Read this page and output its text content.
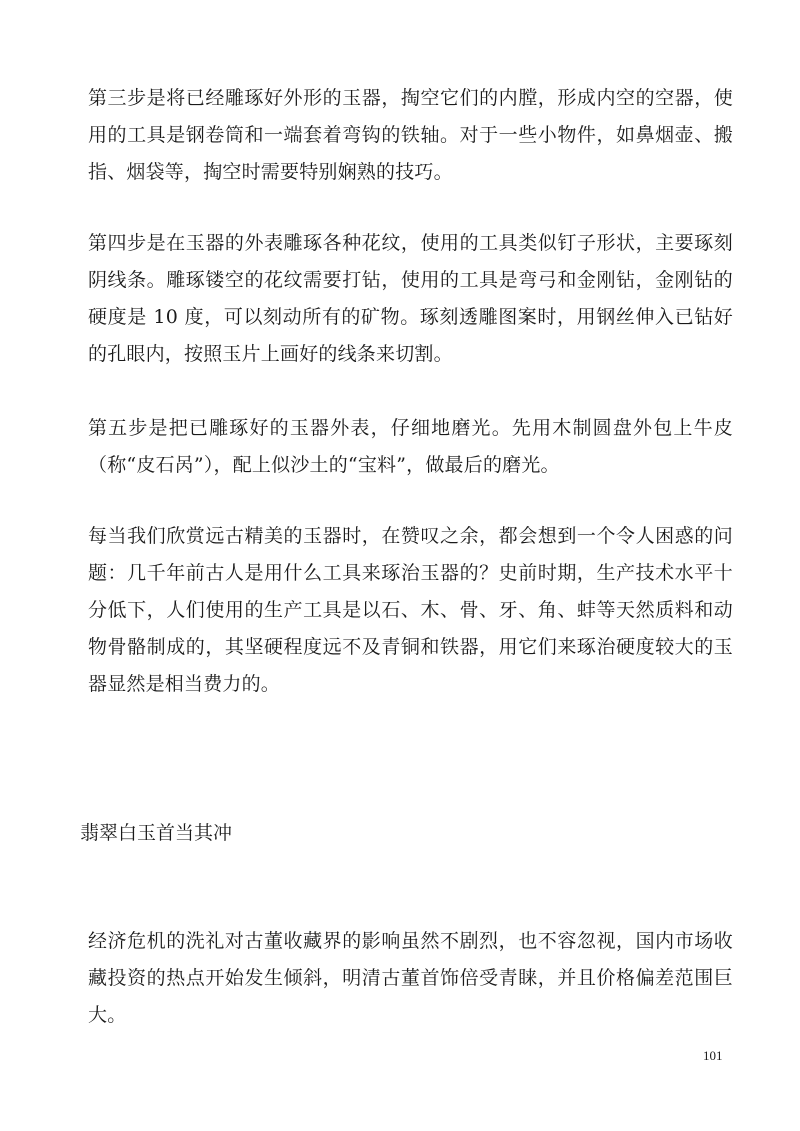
第三步是将已经雕琢好外形的玉器，掏空它们的内膛，形成内空的空器，使用的工具是钢卷筒和一端套着弯钩的铁轴。对于一些小物件，如鼻烟壶、搬指、烟袋等，掏空时需要特别娴熟的技巧。

第四步是在玉器的外表雕琢各种花纹，使用的工具类似钉子形状，主要琢刻阴线条。雕琢镂空的花纹需要打钻，使用的工具是弯弓和金刚钻，金刚钻的硬度是 10 度，可以刻动所有的矿物。琢刻透雕图案时，用钢丝伸入已钻好的孔眼内，按照玉片上画好的线条来切割。

第五步是把已雕琢好的玉器外表，仔细地磨光。先用木制圆盘外包上牛皮（称“皮石呙”），配上似沙土的“宝料”，做最后的磨光。

每当我们欣赏远古精美的玉器时，在赞叹之余，都会想到一个令人困惑的问题：几千年前古人是用什么工具来琢治玉器的？史前时期，生产技术水平十分低下，人们使用的生产工具是以石、木、骨、牙、角、蚌等天然质料和动物骨骼制成的，其坚硬程度远不及青铜和铁器，用它们来琢治硬度较大的玉器显然是相当费力的。

翡翠白玉首当其冲

经济危机的洗礼对古董收藏界的影响虽然不剧烈，也不容忽视，国内市场收藏投资的热点开始发生倾斜，明清古董首饰倍受青睐，并且价格偏差范围巨大。

101
